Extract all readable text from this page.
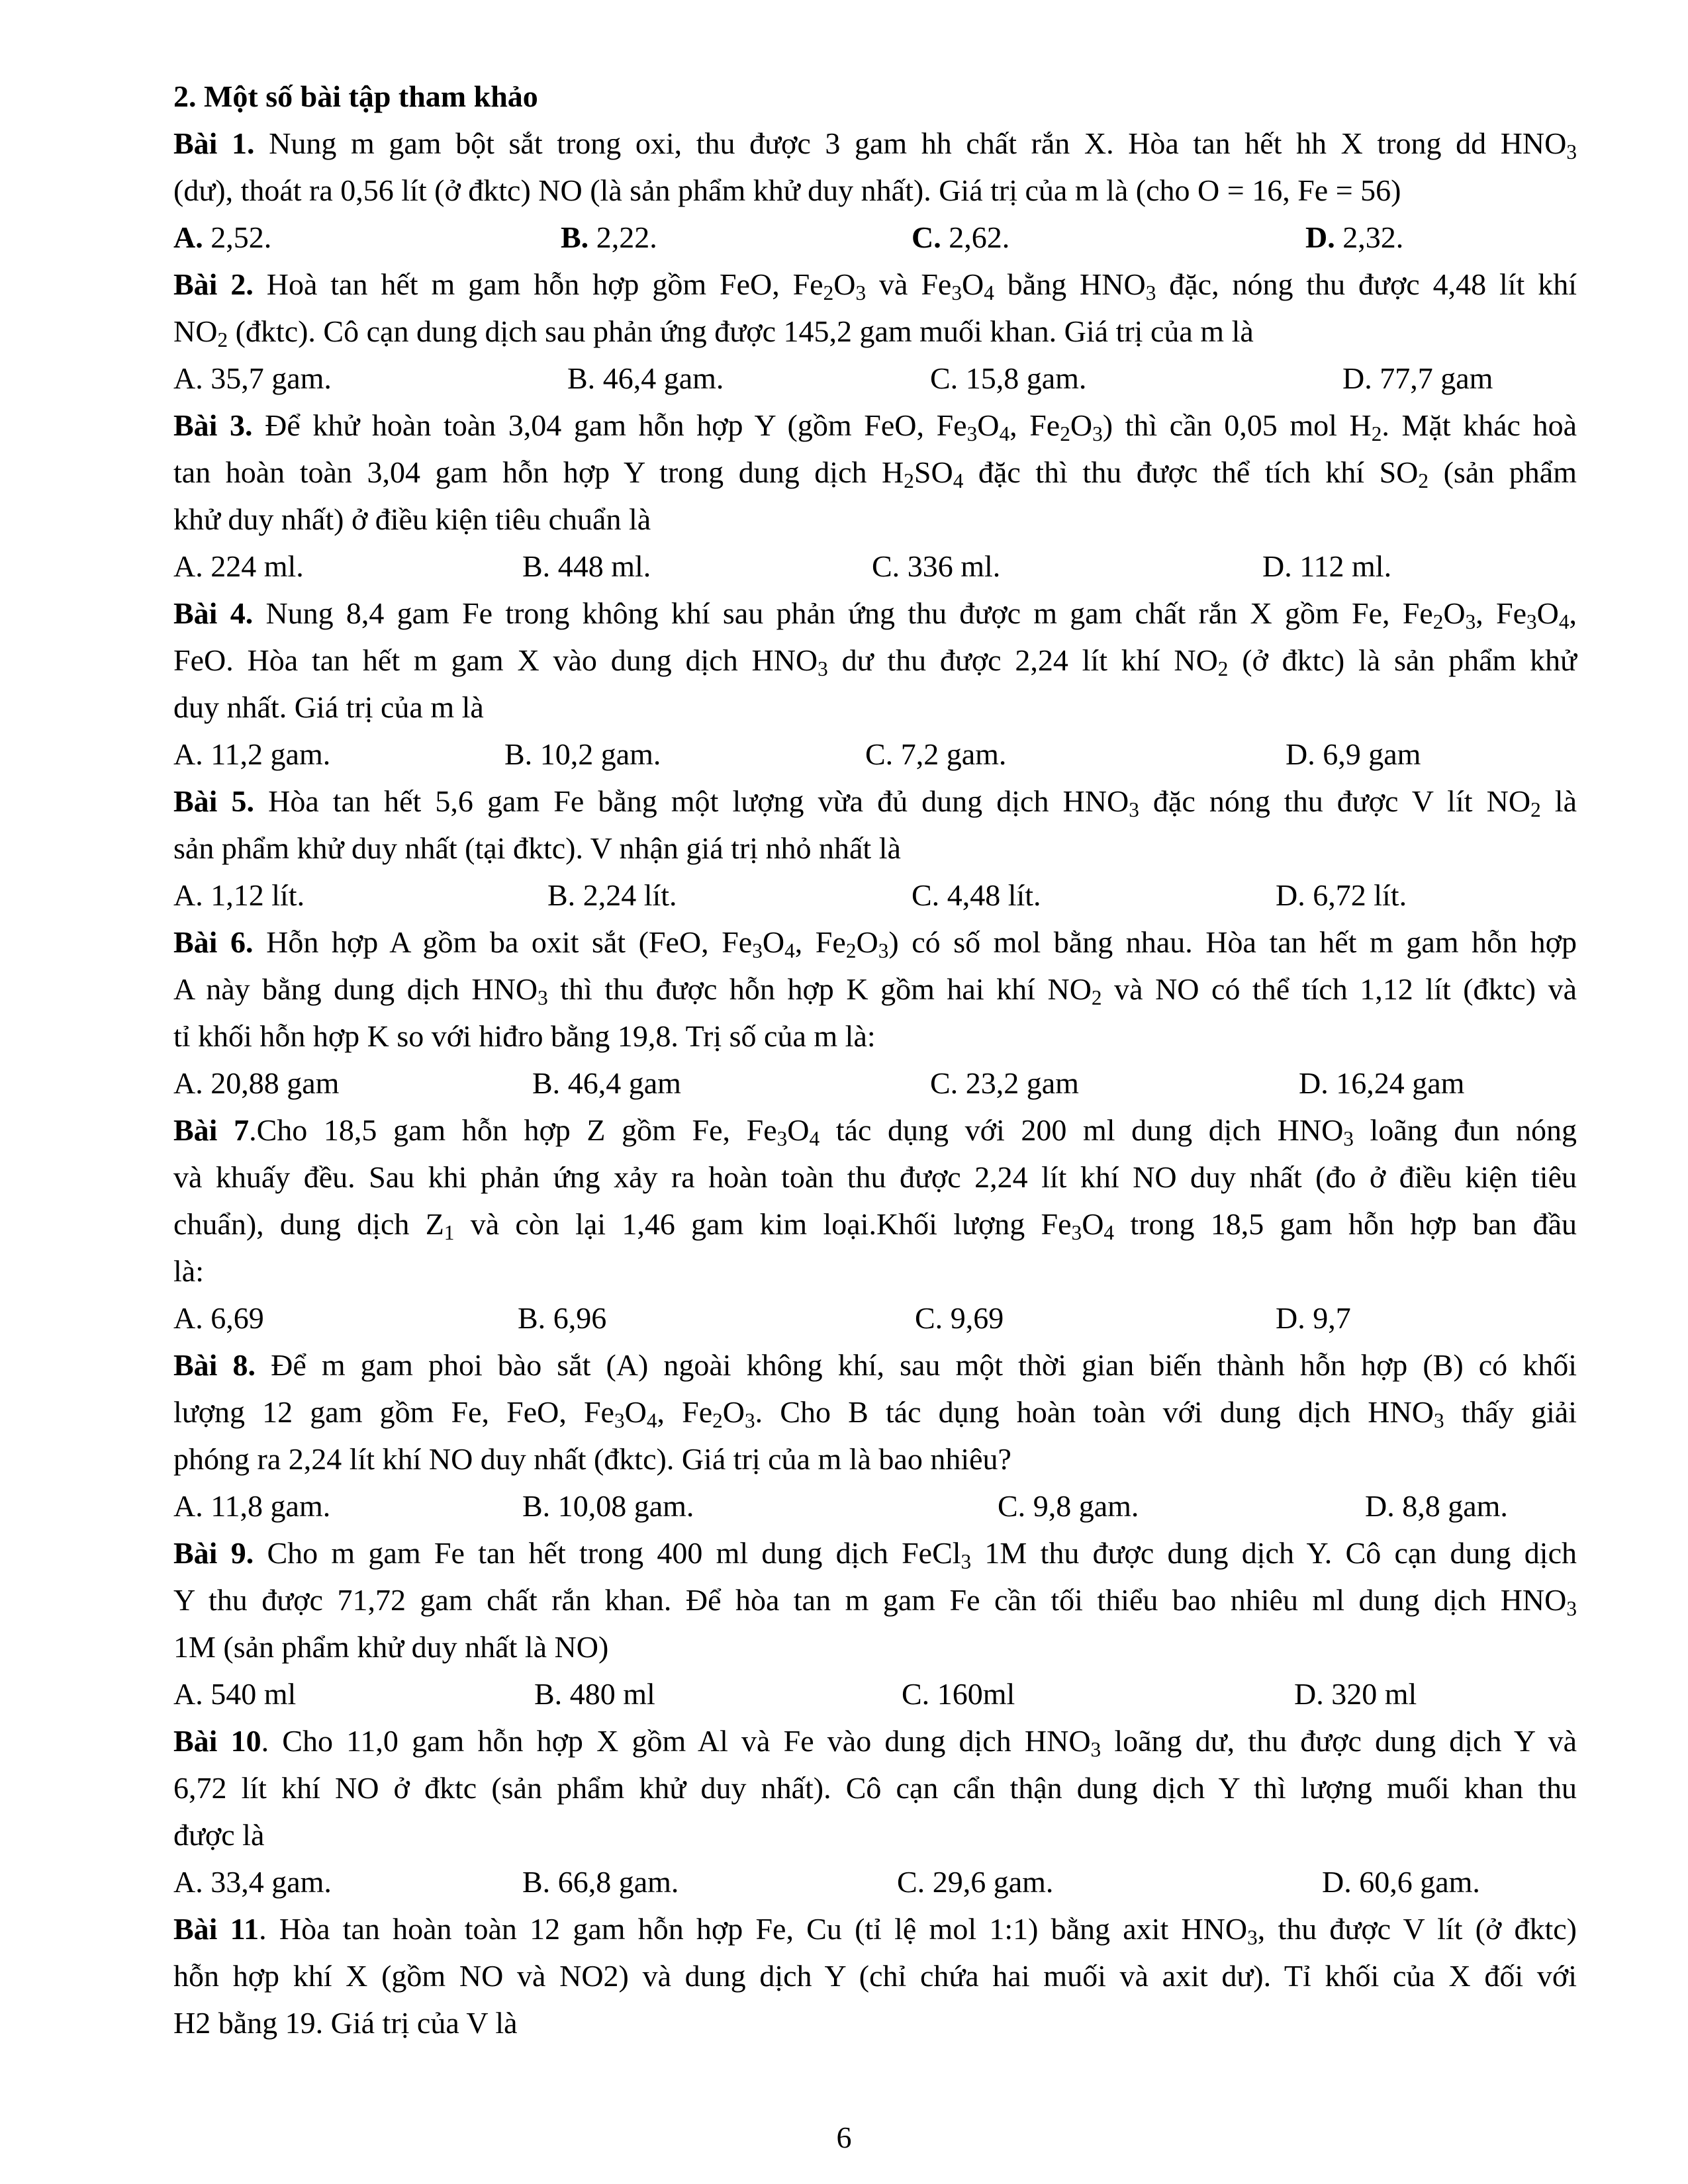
2. Một số bài tập tham khảo
Bài 1. Nung m gam bột sắt trong oxi, thu được 3 gam hh chất rắn X. Hòa tan hết hh X trong dd $HNO_3$
(dư), thoát ra 0,56 lít (ở đktc) NO (là sản phẩm khử duy nhất). Giá trị của m là (cho O = 16, Fe = 56)
A. 2,52.	B. 2,22.	C. 2,62.	D. 2,32.
Bài 2. Hoà tan hết m gam hỗn hợp gồm FeO, $Fe_2O_3$ và $Fe_3O_4$ bằng $HNO_3$ đặc, nóng thu được 4,48 lít khí
$NO_2$ (đktc). Cô cạn dung dịch sau phản ứng được 145,2 gam muối khan. Giá trị của m là
A. 35,7 gam.	B. 46,4 gam.	C. 15,8 gam.	D. 77,7 gam
Bài 3. Để khử hoàn toàn 3,04 gam hỗn hợp Y (gồm FeO, $Fe_3O_4$, $Fe_2O_3$) thì cần 0,05 mol $H_2$. Mặt khác hoà
tan hoàn toàn 3,04 gam hỗn hợp Y trong dung dịch $H_2SO_4$ đặc thì thu được thể tích khí $SO_2$ (sản phẩm
khử duy nhất) ở điều kiện tiêu chuẩn là
A. 224 ml.	B. 448 ml.	C. 336 ml.	D. 112 ml.
Bài 4. Nung 8,4 gam Fe trong không khí sau phản ứng thu được m gam chất rắn X gồm Fe, $Fe_2O_3$, $Fe_3O_4$,
FeO. Hòa tan hết m gam X vào dung dịch $HNO_3$ dư thu được 2,24 lít khí $NO_2$ (ở đktc) là sản phẩm khử
duy nhất. Giá trị của m là
A. 11,2 gam.	B. 10,2 gam.	C. 7,2 gam.	D. 6,9 gam
Bài 5. Hòa tan hết 5,6 gam Fe bằng một lượng vừa đủ dung dịch $HNO_3$ đặc nóng thu được V lít $NO_2$ là
sản phẩm khử duy nhất (tại đktc). V nhận giá trị nhỏ nhất là
A. 1,12 lít.	B. 2,24 lít.	C. 4,48 lít.	D. 6,72 lít.
Bài 6. Hỗn hợp A gồm ba oxit sắt (FeO, $Fe_3O_4$, $Fe_2O_3$) có số mol bằng nhau. Hòa tan hết m gam hỗn hợp
A này bằng dung dịch $HNO_3$ thì thu được hỗn hợp K gồm hai khí $NO_2$ và NO có thể tích 1,12 lít (đktc) và
tỉ khối hỗn hợp K so với hiđro bằng 19,8. Trị số của m là:
A. 20,88 gam	B. 46,4 gam	C. 23,2 gam	D. 16,24 gam
Bài 7.Cho 18,5 gam hỗn hợp Z gồm Fe, $Fe_3O_4$ tác dụng với 200 ml dung dịch $HNO_3$ loãng đun nóng
và khuấy đều. Sau khi phản ứng xảy ra hoàn toàn thu được 2,24 lít khí NO duy nhất (đo ở điều kiện tiêu
chuẩn), dung dịch $Z_1$ và còn lại 1,46 gam kim loại.Khối lượng $Fe_3O_4$ trong 18,5 gam hỗn hợp ban đầu
là:
A. 6,69	B. 6,96	C. 9,69	D. 9,7
Bài 8. Để m gam phoi bào sắt (A) ngoài không khí, sau một thời gian biến thành hỗn hợp (B) có khối
lượng 12 gam gồm Fe, FeO, $Fe_3O_4$, $Fe_2O_3$. Cho B tác dụng hoàn toàn với dung dịch $HNO_3$ thấy giải
phóng ra 2,24 lít khí NO duy nhất (đktc). Giá trị của m là bao nhiêu?
A. 11,8 gam.	B. 10,08 gam.	C. 9,8 gam.	D. 8,8 gam.
Bài 9. Cho m gam Fe tan hết trong 400 ml dung dịch FeCl$_3$ 1M thu được dung dịch Y. Cô cạn dung dịch
Y thu được 71,72 gam chất rắn khan. Để hòa tan m gam Fe cần tối thiểu bao nhiêu ml dung dịch $HNO_3$
1M (sản phẩm khử duy nhất là NO)
A. 540 ml	B. 480 ml	C. 160ml	D. 320 ml
Bài 10. Cho 11,0 gam hỗn hợp X gồm Al và Fe vào dung dịch $HNO_3$ loãng dư, thu được dung dịch Y và
6,72 lít khí NO ở đktc (sản phẩm khử duy nhất). Cô cạn cẩn thận dung dịch Y thì lượng muối khan thu
được là
A. 33,4 gam.	B. 66,8 gam.	C. 29,6 gam.	D. 60,6 gam.
Bài 11. Hòa tan hoàn toàn 12 gam hỗn hợp Fe, Cu (tỉ lệ mol 1:1) bằng axit $HNO_3$, thu được V lít (ở đktc)
hỗn hợp khí X (gồm NO và NO2) và dung dịch Y (chỉ chứa hai muối và axit dư). Tỉ khối của X đối với
H2 bằng 19. Giá trị của V là
6
